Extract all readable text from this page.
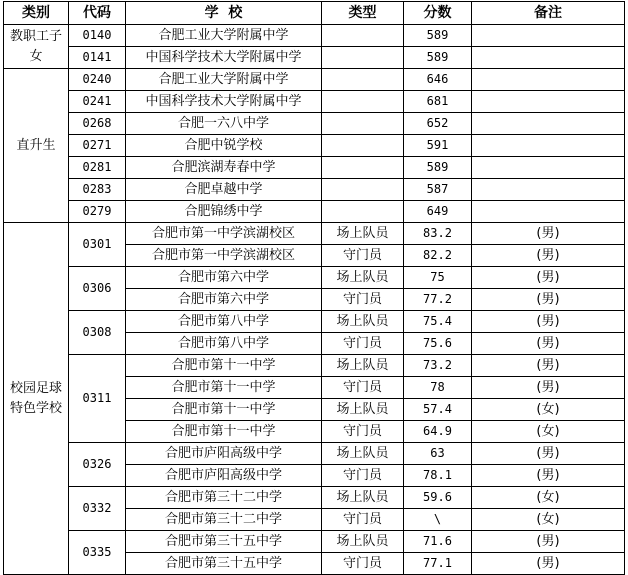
类别	代码	学  校	类型	分数	备注
教职工子女	0140	合肥工业大学附属中学		589	
	0141	中国科学技术大学附属中学		589	
直升生	0240	合肥工业大学附属中学		646	
	0241	中国科学技术大学附属中学		681	
	0268	合肥一六八中学		652	
	0271	合肥中锐学校		591	
	0281	合肥滨湖寿春中学		589	
	0283	合肥卓越中学		587	
	0279	合肥锦绣中学		649	
校园足球特色学校	0301	合肥市第一中学滨湖校区	场上队员	83.2	(男)
		合肥市第一中学滨湖校区	守门员	82.2	(男)
	0306	合肥市第六中学	场上队员	75	(男)
		合肥市第六中学	守门员	77.2	(男)
	0308	合肥市第八中学	场上队员	75.4	(男)
		合肥市第八中学	守门员	75.6	(男)
	0311	合肥市第十一中学	场上队员	73.2	(男)
		合肥市第十一中学	守门员	78	(男)
		合肥市第十一中学	场上队员	57.4	(女)
		合肥市第十一中学	守门员	64.9	(女)
	0326	合肥市庐阳高级中学	场上队员	63	(男)
		合肥市庐阳高级中学	守门员	78.1	(男)
	0332	合肥市第三十二中学	场上队员	59.6	(女)
		合肥市第三十二中学	守门员	\	(女)
	0335	合肥市第三十五中学	场上队员	71.6	(男)
		合肥市第三十五中学	守门员	77.1	(男)
